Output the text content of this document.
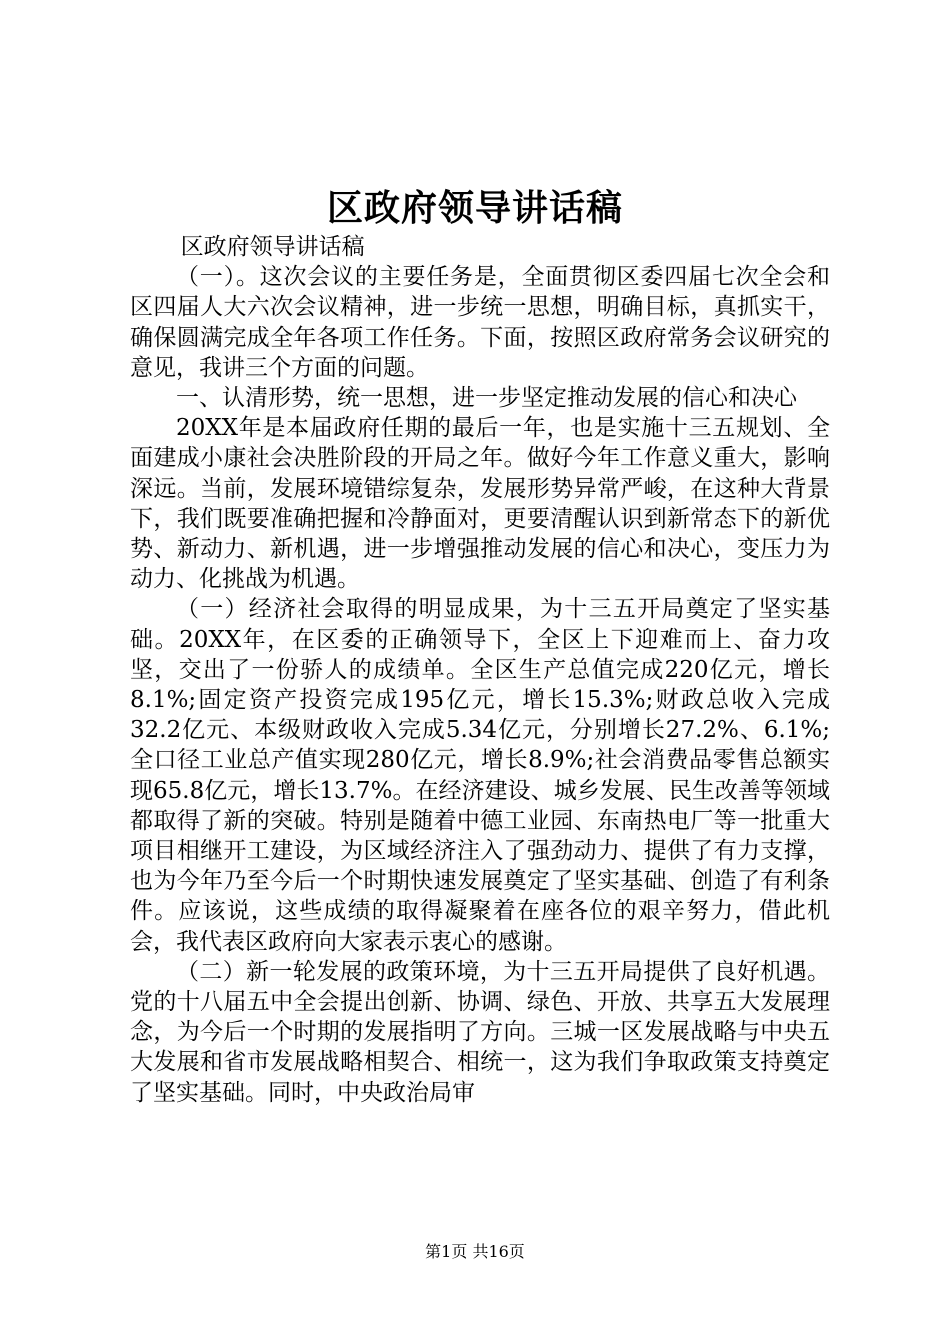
区政府领导讲话稿

区政府领导讲话稿

（一）。这次会议的主要任务是，全面贯彻区委四届七次全会和区四届人大六次会议精神，进一步统一思想，明确目标，真抓实干，确保圆满完成全年各项工作任务。下面，按照区政府常务会议研究的意见，我讲三个方面的问题。

一、认清形势，统一思想，进一步坚定推动发展的信心和决心

20XX年是本届政府任期的最后一年，也是实施十三五规划、全面建成小康社会决胜阶段的开局之年。做好今年工作意义重大，影响深远。当前，发展环境错综复杂，发展形势异常严峻，在这种大背景下，我们既要准确把握和冷静面对，更要清醒认识到新常态下的新优势、新动力、新机遇，进一步增强推动发展的信心和决心，变压力为动力、化挑战为机遇。

（一）经济社会取得的明显成果，为十三五开局奠定了坚实基础。20XX年，在区委的正确领导下，全区上下迎难而上、奋力攻坚，交出了一份骄人的成绩单。全区生产总值完成220亿元，增长8.1%;固定资产投资完成195亿元，增长15.3%;财政总收入完成32.2亿元、本级财政收入完成5.34亿元，分别增长27.2%、6.1%;全口径工业总产值实现280亿元，增长8.9%;社会消费品零售总额实现65.8亿元，增长13.7%。在经济建设、城乡发展、民生改善等领域都取得了新的突破。特别是随着中德工业园、东南热电厂等一批重大项目相继开工建设，为区域经济注入了强劲动力、提供了有力支撑，也为今年乃至今后一个时期快速发展奠定了坚实基础、创造了有利条件。应该说，这些成绩的取得凝聚着在座各位的艰辛努力，借此机会，我代表区政府向大家表示衷心的感谢。

（二）新一轮发展的政策环境，为十三五开局提供了良好机遇。党的十八届五中全会提出创新、协调、绿色、开放、共享五大发展理念，为今后一个时期的发展指明了方向。三城一区发展战略与中央五大发展和省市发展战略相契合、相统一，这为我们争取政策支持奠定了坚实基础。同时，中央政治局审

第1页 共16页
